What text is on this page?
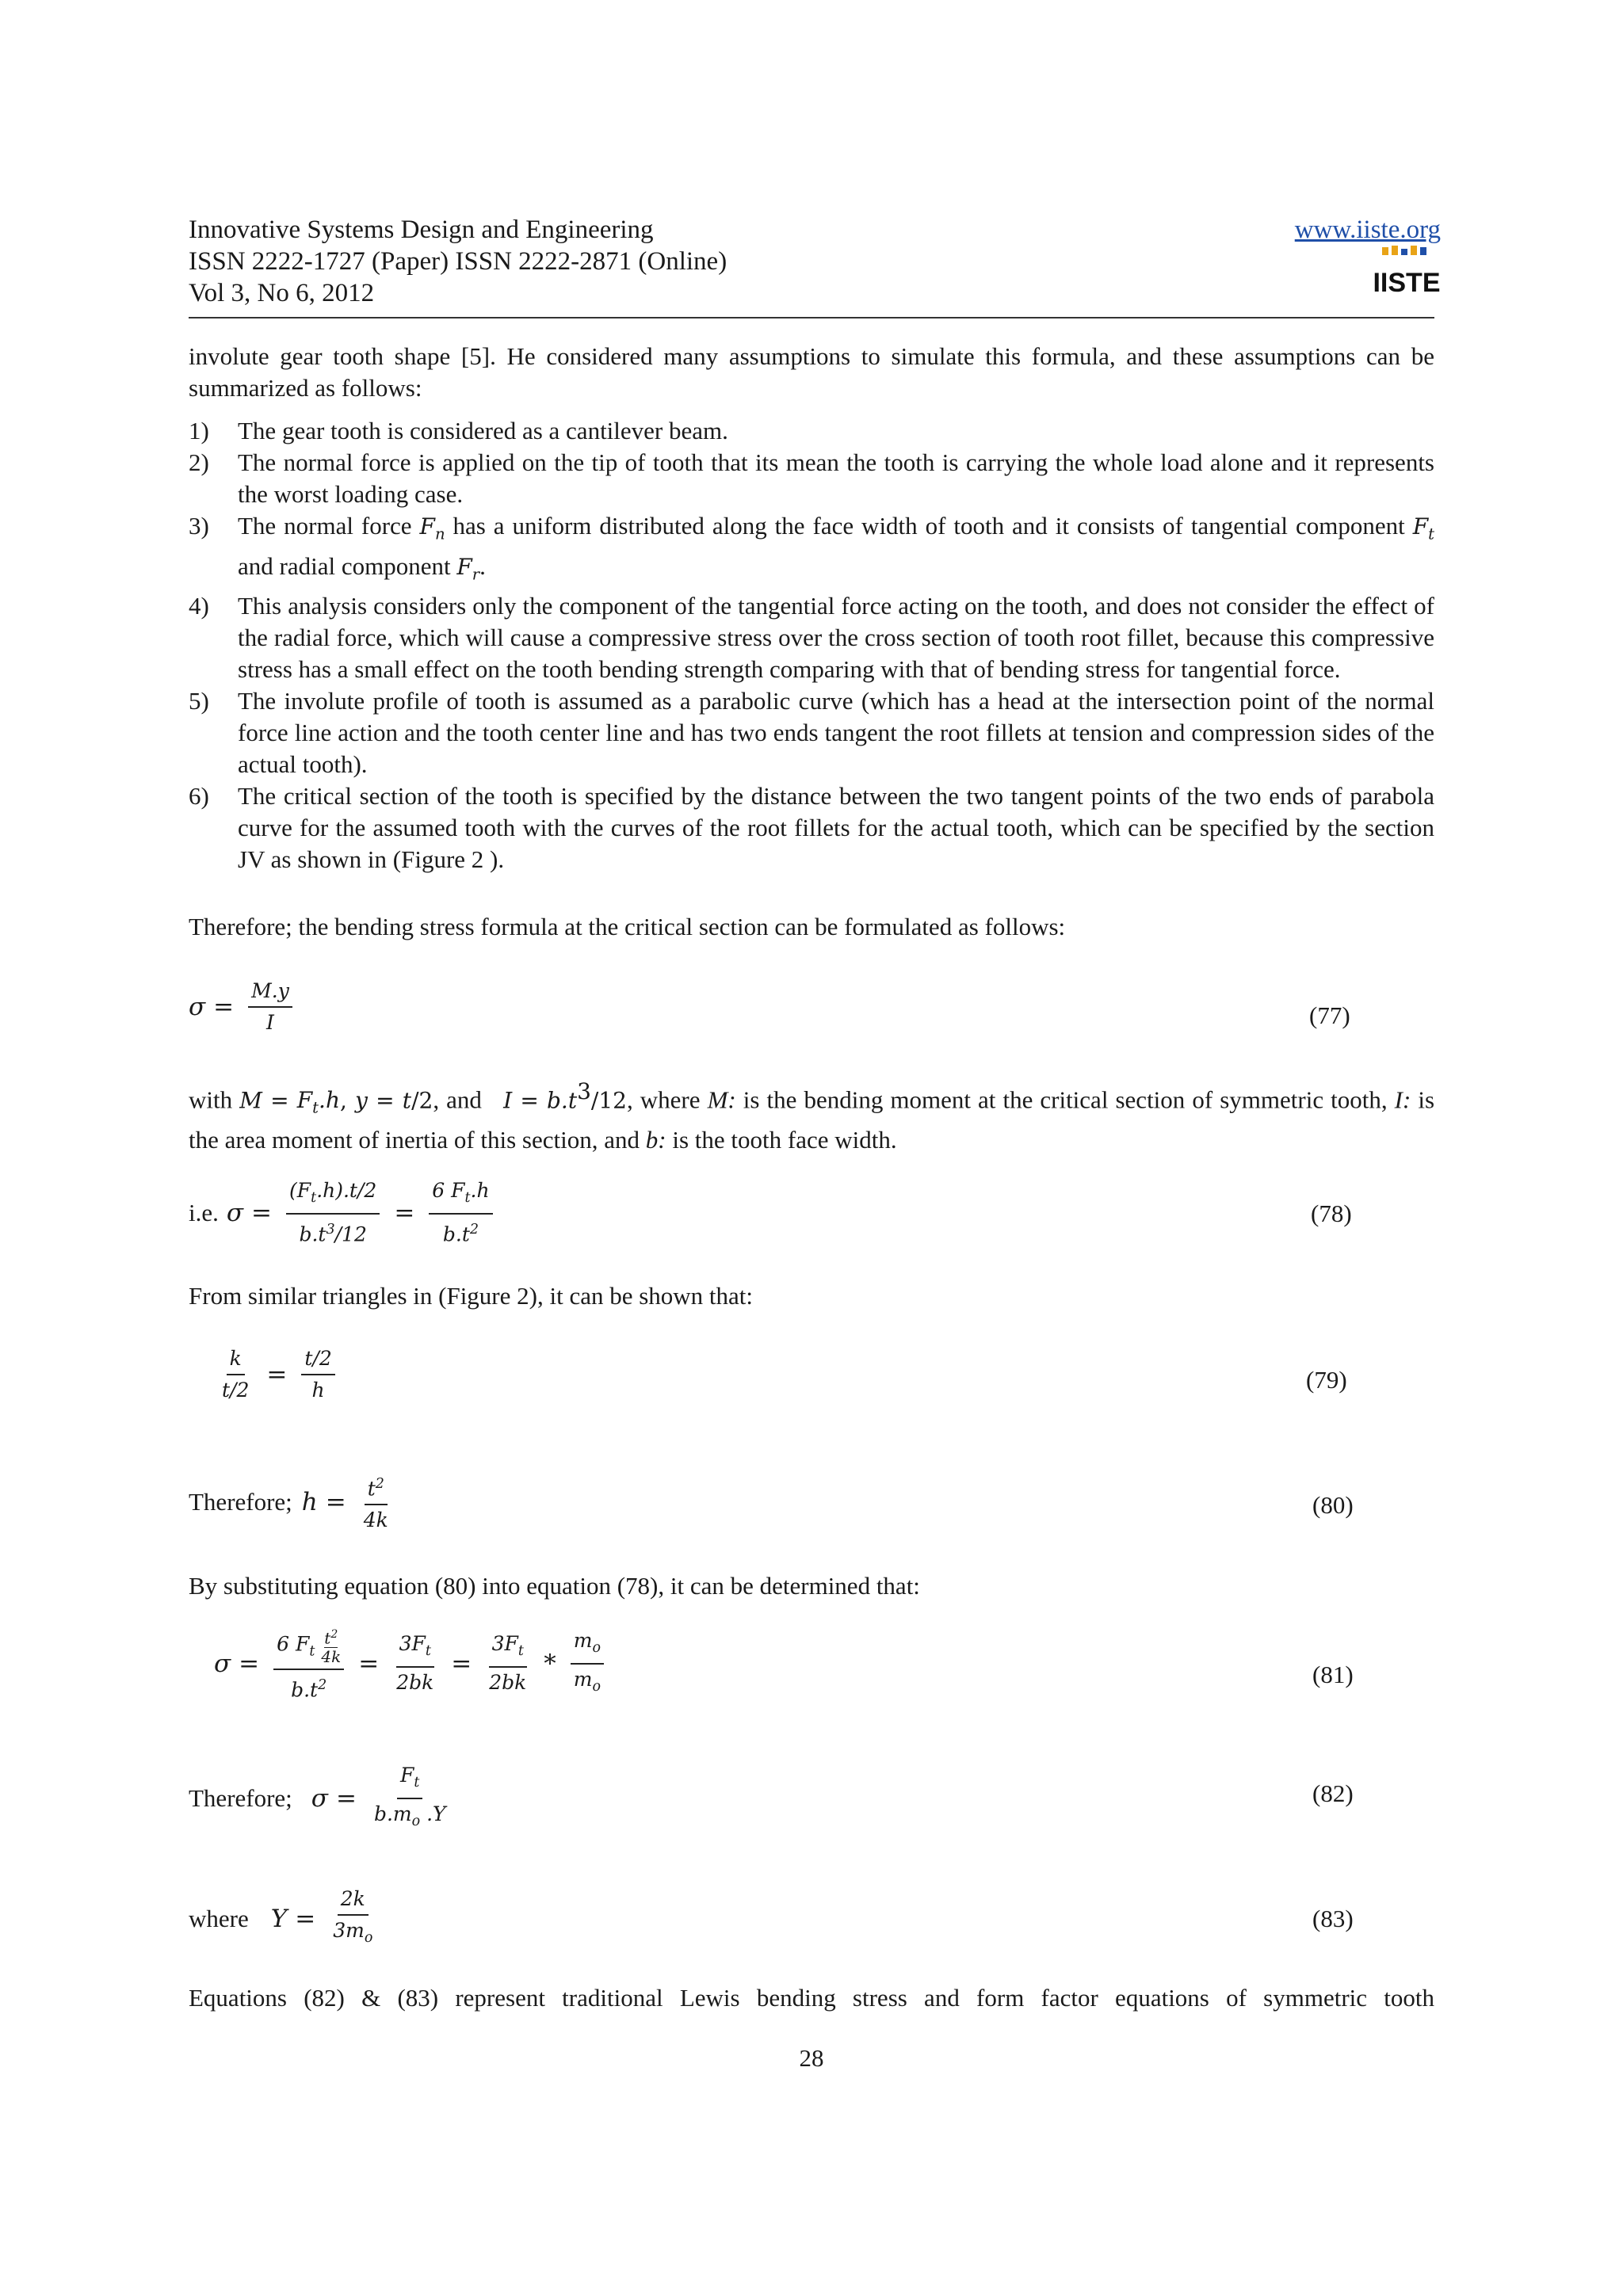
Innovative Systems Design and Engineering
ISSN 2222-1727 (Paper) ISSN 2222-2871 (Online)
Vol 3, No 6, 2012
www.iiste.org
IISTE
involute gear tooth shape [5]. He considered many assumptions to simulate this formula, and these assumptions can be summarized as follows:
1) The gear tooth is considered as a cantilever beam.
2) The normal force is applied on the tip of tooth that its mean the tooth is carrying the whole load alone and it represents the worst loading case.
3) The normal force $F_n$ has a uniform distributed along the face width of tooth and it consists of tangential component $F_t$ and radial component $F_r$.
4) This analysis considers only the component of the tangential force acting on the tooth, and does not consider the effect of the radial force, which will cause a compressive stress over the cross section of tooth root fillet, because this compressive stress has a small effect on the tooth bending strength comparing with that of bending stress for tangential force.
5) The involute profile of tooth is assumed as a parabolic curve (which has a head at the intersection point of the normal force line action and the tooth center line and has two ends tangent the root fillets at tension and compression sides of the actual tooth).
6) The critical section of the tooth is specified by the distance between the two tangent points of the two ends of parabola curve for the assumed tooth with the curves of the root fillets for the actual tooth, which can be specified by the section JV as shown in (Figure 2 ).
Therefore; the bending stress formula at the critical section can be formulated as follows:
$\sigma = \frac{M.y}{I}$	(77)
with $M = F_t.h$, y = t/2, and $I = b.t^3/12$, where M: is the bending moment at the critical section of symmetric tooth, I: is the area moment of inertia of this section, and b: is the tooth face width.
i.e. $\sigma = \frac{(F_t.h).t/2}{b.t^3/12} = \frac{6 F_t.h}{b.t^2}$	(78)
From similar triangles in (Figure 2), it can be shown that:
$\frac{k}{t/2} = \frac{t/2}{h}$	(79)
Therefore; $h = \frac{t^2}{4k}$	(80)
By substituting equation (80) into equation (78), it can be determined that:
$\sigma = \frac{6 F_t \frac{t^2}{4k}}{b.t^2} = \frac{3F_t}{2bk} = \frac{3F_t}{2bk} * \frac{m_o}{m_o}$	(81)
Therefore; $\sigma = \frac{F_t}{b.m_o .Y}$	(82)
where $Y = \frac{2k}{3m_o}$	(83)
Equations (82) & (83) represent traditional Lewis bending stress and form factor equations of symmetric tooth
28
